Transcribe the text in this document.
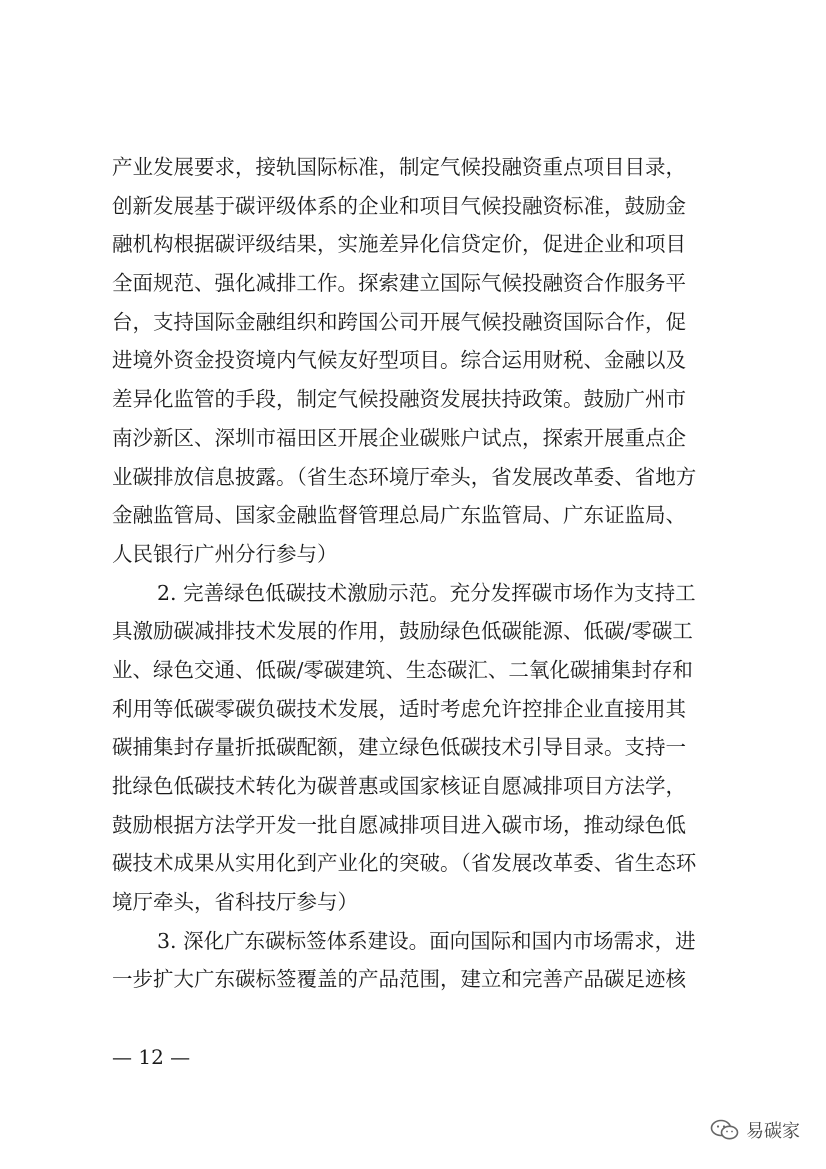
产业发展要求，接轨国际标准，制定气候投融资重点项目目录，
创新发展基于碳评级体系的企业和项目气候投融资标准，鼓励金
融机构根据碳评级结果，实施差异化信贷定价，促进企业和项目
全面规范、强化减排工作。探索建立国际气候投融资合作服务平
台，支持国际金融组织和跨国公司开展气候投融资国际合作，促
进境外资金投资境内气候友好型项目。综合运用财税、金融以及
差异化监管的手段，制定气候投融资发展扶持政策。鼓励广州市
南沙新区、深圳市福田区开展企业碳账户试点，探索开展重点企
业碳排放信息披露。（省生态环境厅牵头，省发展改革委、省地方
金融监管局、国家金融监督管理总局广东监管局、广东证监局、
人民银行广州分行参与）
2. 完善绿色低碳技术激励示范。充分发挥碳市场作为支持工
具激励碳减排技术发展的作用，鼓励绿色低碳能源、低碳/零碳工
业、绿色交通、低碳/零碳建筑、生态碳汇、二氧化碳捕集封存和
利用等低碳零碳负碳技术发展，适时考虑允许控排企业直接用其
碳捕集封存量折抵碳配额，建立绿色低碳技术引导目录。支持一
批绿色低碳技术转化为碳普惠或国家核证自愿减排项目方法学，
鼓励根据方法学开发一批自愿减排项目进入碳市场，推动绿色低
碳技术成果从实用化到产业化的突破。（省发展改革委、省生态环
境厅牵头，省科技厅参与）
3. 深化广东碳标签体系建设。面向国际和国内市场需求，进
一步扩大广东碳标签覆盖的产品范围，建立和完善产品碳足迹核
— 12 —
易碳家
